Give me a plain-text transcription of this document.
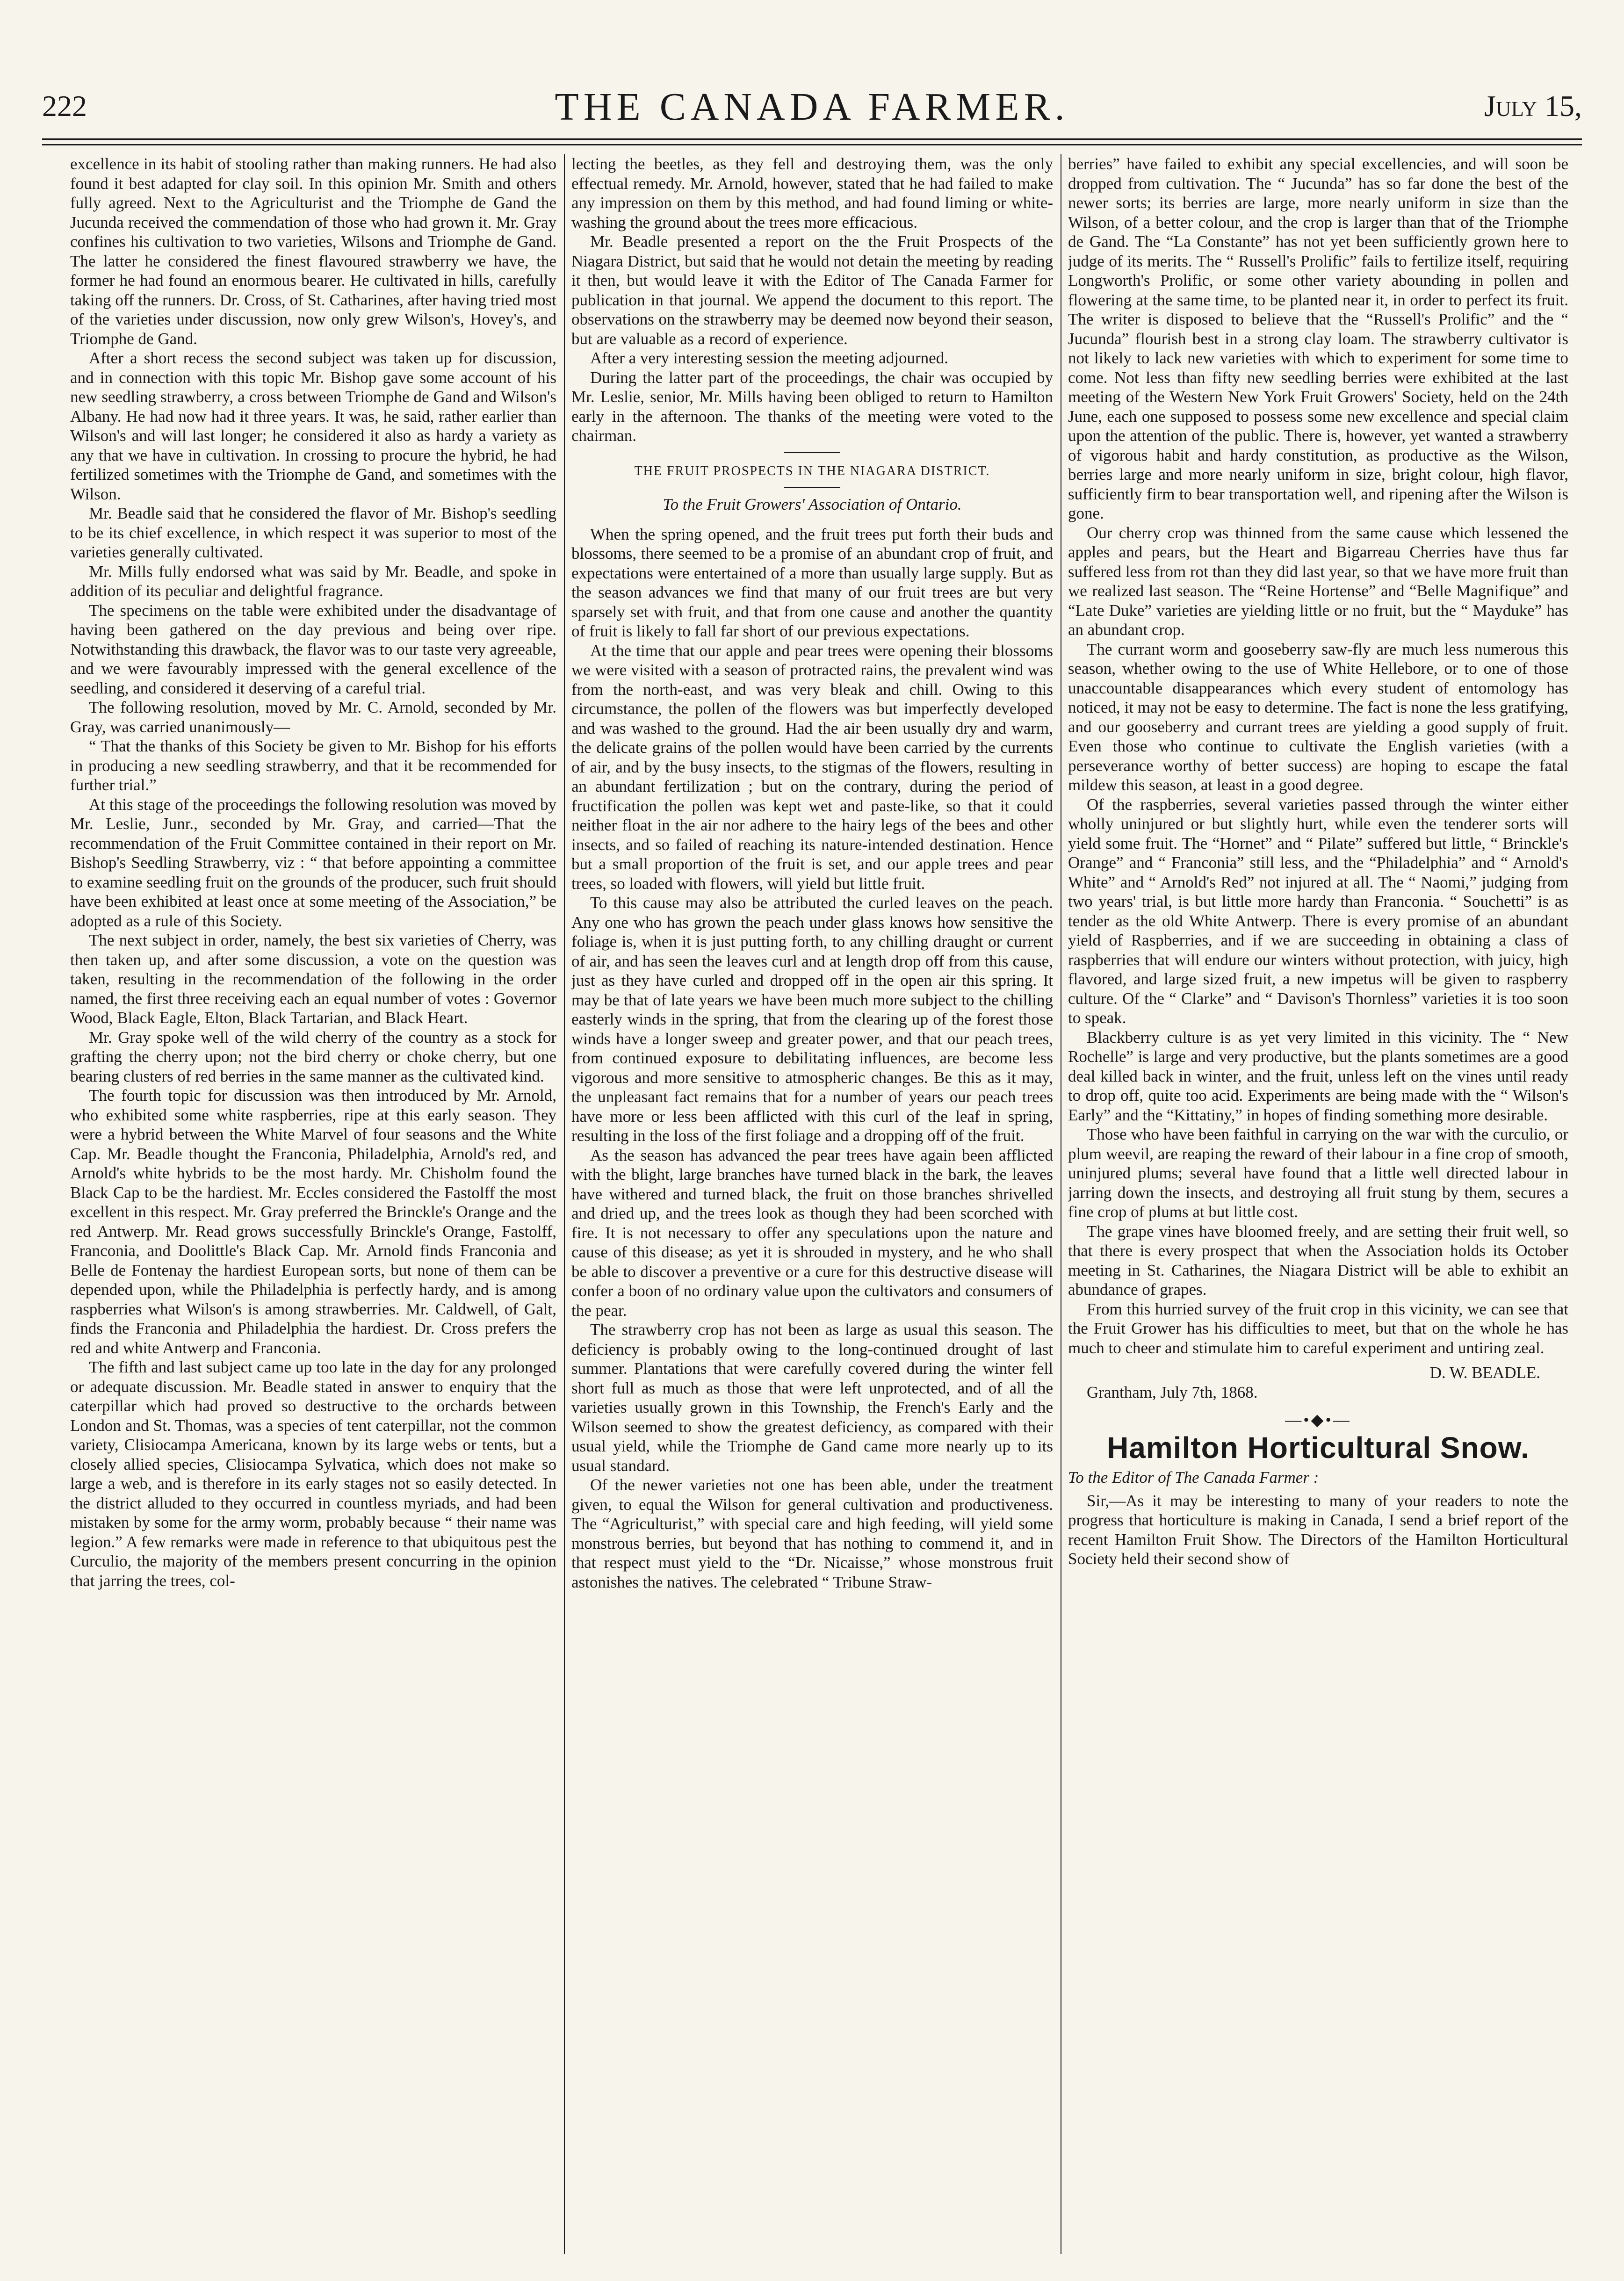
222	THE CANADA FARMER.	July 15,

excellence in its habit of stooling rather than making runners. He had also found it best adapted for clay soil. In this opinion Mr. Smith and others fully agreed. Next to the Agriculturist and the Triomphe de Gand the Jucunda received the commendation of those who had grown it. Mr. Gray confines his cultivation to two varieties, Wilsons and Triomphe de Gand. The latter he considered the finest flavoured strawberry we have, the former he had found an enormous bearer. He cultivated in hills, carefully taking off the runners. Dr. Cross, of St. Catharines, after having tried most of the varieties under discussion, now only grew Wilson's, Hovey's, and Triomphe de Gand.

After a short recess the second subject was taken up for discussion, and in connection with this topic Mr. Bishop gave some account of his new seedling strawberry, a cross between Triomphe de Gand and Wilson's Albany. He had now had it three years. It was, he said, rather earlier than Wilson's and will last longer; he considered it also as hardy a variety as any that we have in cultivation. In crossing to procure the hybrid, he had fertilized sometimes with the Triomphe de Gand, and sometimes with the Wilson.

Mr. Beadle said that he considered the flavor of Mr. Bishop's seedling to be its chief excellence, in which respect it was superior to most of the varieties generally cultivated.

Mr. Mills fully endorsed what was said by Mr. Beadle, and spoke in addition of its peculiar and delightful fragrance.

The specimens on the table were exhibited under the disadvantage of having been gathered on the day previous and being over ripe. Notwithstanding this drawback, the flavor was to our taste very agreeable, and we were favourably impressed with the general excellence of the seedling, and considered it deserving of a careful trial.

The following resolution, moved by Mr. C. Arnold, seconded by Mr. Gray, was carried unanimously—

“ That the thanks of this Society be given to Mr. Bishop for his efforts in producing a new seedling strawberry, and that it be recommended for further trial.”

At this stage of the proceedings the following resolution was moved by Mr. Leslie, Junr., seconded by Mr. Gray, and carried—That the recommendation of the Fruit Committee contained in their report on Mr. Bishop's Seedling Strawberry, viz : “ that before appointing a committee to examine seedling fruit on the grounds of the producer, such fruit should have been exhibited at least once at some meeting of the Association,” be adopted as a rule of this Society.

The next subject in order, namely, the best six varieties of Cherry, was then taken up, and after some discussion, a vote on the question was taken, resulting in the recommendation of the following in the order named, the first three receiving each an equal number of votes : Governor Wood, Black Eagle, Elton, Black Tartarian, and Black Heart.

Mr. Gray spoke well of the wild cherry of the country as a stock for grafting the cherry upon; not the bird cherry or choke cherry, but one bearing clusters of red berries in the same manner as the cultivated kind.

The fourth topic for discussion was then introduced by Mr. Arnold, who exhibited some white raspberries, ripe at this early season. They were a hybrid between the White Marvel of four seasons and the White Cap. Mr. Beadle thought the Franconia, Philadelphia, Arnold's red, and Arnold's white hybrids to be the most hardy. Mr. Chisholm found the Black Cap to be the hardiest. Mr. Eccles considered the Fastolff the most excellent in this respect. Mr. Gray preferred the Brinckle's Orange and the red Antwerp. Mr. Read grows successfully Brinckle's Orange, Fastolff, Franconia, and Doolittle's Black Cap. Mr. Arnold finds Franconia and Belle de Fontenay the hardiest European sorts, but none of them can be depended upon, while the Philadelphia is perfectly hardy, and is among raspberries what Wilson's is among strawberries. Mr. Caldwell, of Galt, finds the Franconia and Philadelphia the hardiest. Dr. Cross prefers the red and white Antwerp and Franconia.

The fifth and last subject came up too late in the day for any prolonged or adequate discussion. Mr. Beadle stated in answer to enquiry that the caterpillar which had proved so destructive to the orchards between London and St. Thomas, was a species of tent caterpillar, not the common variety, Clisiocampa Americana, known by its large webs or tents, but a closely allied species, Clisiocampa Sylvatica, which does not make so large a web, and is therefore in its early stages not so easily detected. In the district alluded to they occurred in countless myriads, and had been mistaken by some for the army worm, probably because “ their name was legion.” A few remarks were made in reference to that ubiquitous pest the Curculio, the majority of the members present concurring in the opinion that jarring the trees, col-

lecting the beetles, as they fell and destroying them, was the only effectual remedy. Mr. Arnold, however, stated that he had failed to make any impression on them by this method, and had found liming or white-washing the ground about the trees more efficacious.

Mr. Beadle presented a report on the the Fruit Prospects of the Niagara District, but said that he would not detain the meeting by reading it then, but would leave it with the Editor of The Canada Farmer for publication in that journal. We append the document to this report. The observations on the strawberry may be deemed now beyond their season, but are valuable as a record of experience.

After a very interesting session the meeting adjourned.

During the latter part of the proceedings, the chair was occupied by Mr. Leslie, senior, Mr. Mills having been obliged to return to Hamilton early in the afternoon. The thanks of the meeting were voted to the chairman.

THE FRUIT PROSPECTS IN THE NIAGARA DISTRICT.
To the Fruit Growers' Association of Ontario.

When the spring opened, and the fruit trees put forth their buds and blossoms, there seemed to be a promise of an abundant crop of fruit, and expectations were entertained of a more than usually large supply. But as the season advances we find that many of our fruit trees are but very sparsely set with fruit, and that from one cause and another the quantity of fruit is likely to fall far short of our previous expectations.

At the time that our apple and pear trees were opening their blossoms we were visited with a season of protracted rains, the prevalent wind was from the north-east, and was very bleak and chill. Owing to this circumstance, the pollen of the flowers was but imperfectly developed and was washed to the ground. Had the air been usually dry and warm, the delicate grains of the pollen would have been carried by the currents of air, and by the busy insects, to the stigmas of the flowers, resulting in an abundant fertilization ; but on the contrary, during the period of fructification the pollen was kept wet and paste-like, so that it could neither float in the air nor adhere to the hairy legs of the bees and other insects, and so failed of reaching its nature-intended destination. Hence but a small proportion of the fruit is set, and our apple trees and pear trees, so loaded with flowers, will yield but little fruit.

To this cause may also be attributed the curled leaves on the peach. Any one who has grown the peach under glass knows how sensitive the foliage is, when it is just putting forth, to any chilling draught or current of air, and has seen the leaves curl and at length drop off from this cause, just as they have curled and dropped off in the open air this spring. It may be that of late years we have been much more subject to the chilling easterly winds in the spring, that from the clearing up of the forest those winds have a longer sweep and greater power, and that our peach trees, from continued exposure to debilitating influences, are become less vigorous and more sensitive to atmospheric changes. Be this as it may, the unpleasant fact remains that for a number of years our peach trees have more or less been afflicted with this curl of the leaf in spring, resulting in the loss of the first foliage and a dropping off of the fruit.

As the season has advanced the pear trees have again been afflicted with the blight, large branches have turned black in the bark, the leaves have withered and turned black, the fruit on those branches shrivelled and dried up, and the trees look as though they had been scorched with fire. It is not necessary to offer any speculations upon the nature and cause of this disease; as yet it is shrouded in mystery, and he who shall be able to discover a preventive or a cure for this destructive disease will confer a boon of no ordinary value upon the cultivators and consumers of the pear.

The strawberry crop has not been as large as usual this season. The deficiency is probably owing to the long-continued drought of last summer. Plantations that were carefully covered during the winter fell short full as much as those that were left unprotected, and of all the varieties usually grown in this Township, the French's Early and the Wilson seemed to show the greatest deficiency, as compared with their usual yield, while the Triomphe de Gand came more nearly up to its usual standard.

Of the newer varieties not one has been able, under the treatment given, to equal the Wilson for general cultivation and productiveness. The “Agriculturist,” with special care and high feeding, will yield some monstrous berries, but beyond that has nothing to commend it, and in that respect must yield to the “Dr. Nicaisse,” whose monstrous fruit astonishes the natives. The celebrated “ Tribune Straw-

berries” have failed to exhibit any special excellencies, and will soon be dropped from cultivation. The “ Jucunda” has so far done the best of the newer sorts; its berries are large, more nearly uniform in size than the Wilson, of a better colour, and the crop is larger than that of the Triomphe de Gand. The “La Constante” has not yet been sufficiently grown here to judge of its merits. The “ Russell's Prolific” fails to fertilize itself, requiring Longworth's Prolific, or some other variety abounding in pollen and flowering at the same time, to be planted near it, in order to perfect its fruit. The writer is disposed to believe that the “Russell's Prolific” and the “ Jucunda” flourish best in a strong clay loam. The strawberry cultivator is not likely to lack new varieties with which to experiment for some time to come. Not less than fifty new seedling berries were exhibited at the last meeting of the Western New York Fruit Growers' Society, held on the 24th June, each one supposed to possess some new excellence and special claim upon the attention of the public. There is, however, yet wanted a strawberry of vigorous habit and hardy constitution, as productive as the Wilson, berries large and more nearly uniform in size, bright colour, high flavor, sufficiently firm to bear transportation well, and ripening after the Wilson is gone.

Our cherry crop was thinned from the same cause which lessened the apples and pears, but the Heart and Bigarreau Cherries have thus far suffered less from rot than they did last year, so that we have more fruit than we realized last season. The “Reine Hortense” and “Belle Magnifique” and “Late Duke” varieties are yielding little or no fruit, but the “ Mayduke” has an abundant crop.

The currant worm and gooseberry saw-fly are much less numerous this season, whether owing to the use of White Hellebore, or to one of those unaccountable disappearances which every student of entomology has noticed, it may not be easy to determine. The fact is none the less gratifying, and our gooseberry and currant trees are yielding a good supply of fruit. Even those who continue to cultivate the English varieties (with a perseverance worthy of better success) are hoping to escape the fatal mildew this season, at least in a good degree.

Of the raspberries, several varieties passed through the winter either wholly uninjured or but slightly hurt, while even the tenderer sorts will yield some fruit. The “Hornet” and “ Pilate” suffered but little, “ Brinckle's Orange” and “ Franconia” still less, and the “Philadelphia” and “ Arnold's White” and “ Arnold's Red” not injured at all. The “ Naomi,” judging from two years' trial, is but little more hardy than Franconia. “ Souchetti” is as tender as the old White Antwerp. There is every promise of an abundant yield of Raspberries, and if we are succeeding in obtaining a class of raspberries that will endure our winters without protection, with juicy, high flavored, and large sized fruit, a new impetus will be given to raspberry culture. Of the “ Clarke” and “ Davison's Thornless” varieties it is too soon to speak.

Blackberry culture is as yet very limited in this vicinity. The “ New Rochelle” is large and very productive, but the plants sometimes are a good deal killed back in winter, and the fruit, unless left on the vines until ready to drop off, quite too acid. Experiments are being made with the “ Wilson's Early” and the “Kittatiny,” in hopes of finding something more desirable.

Those who have been faithful in carrying on the war with the curculio, or plum weevil, are reaping the reward of their labour in a fine crop of smooth, uninjured plums; several have found that a little well directed labour in jarring down the insects, and destroying all fruit stung by them, secures a fine crop of plums at but little cost.

The grape vines have bloomed freely, and are setting their fruit well, so that there is every prospect that when the Association holds its October meeting in St. Catharines, the Niagara District will be able to exhibit an abundance of grapes.

From this hurried survey of the fruit crop in this vicinity, we can see that the Fruit Grower has his difficulties to meet, but that on the whole he has much to cheer and stimulate him to careful experiment and untiring zeal.

D. W. BEADLE.

Grantham, July 7th, 1868.

—•◆•—
Hamilton Horticultural Snow.
To the Editor of The Canada Farmer :

Sir,—As it may be interesting to many of your readers to note the progress that horticulture is making in Canada, I send a brief report of the recent Hamilton Fruit Show. The Directors of the Hamilton Horticultural Society held their second show of
